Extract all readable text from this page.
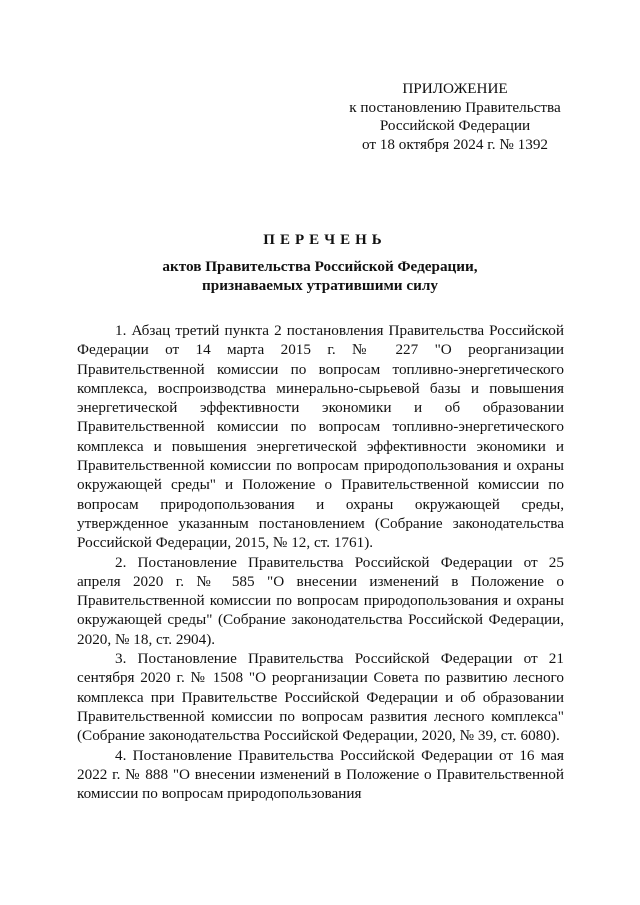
ПРИЛОЖЕНИЕ
к постановлению Правительства
Российской Федерации
от 18 октября 2024 г. № 1392
ПЕРЕЧЕНЬ
актов Правительства Российской Федерации,
признаваемых утратившими силу

1. Абзац третий пункта 2 постановления Правительства Российской Федерации от 14 марта 2015 г. № 227 "О реорганизации Правительственной комиссии по вопросам топливно-энергетического комплекса, воспроизводства минерально-сырьевой базы и повышения энергетической эффективности экономики и об образовании Правительственной комиссии по вопросам топливно-энергетического комплекса и повышения энергетической эффективности экономики и Правительственной комиссии по вопросам природопользования и охраны окружающей среды" и Положение о Правительственной комиссии по вопросам природопользования и охраны окружающей среды, утвержденное указанным постановлением (Собрание законодательства Российской Федерации, 2015, № 12, ст. 1761).

2. Постановление Правительства Российской Федерации от 25 апреля 2020 г. № 585 "О внесении изменений в Положение о Правительственной комиссии по вопросам природопользования и охраны окружающей среды" (Собрание законодательства Российской Федерации, 2020, № 18, ст. 2904).

3. Постановление Правительства Российской Федерации от 21 сентября 2020 г. № 1508 "О реорганизации Совета по развитию лесного комплекса при Правительстве Российской Федерации и об образовании Правительственной комиссии по вопросам развития лесного комплекса" (Собрание законодательства Российской Федерации, 2020, № 39, ст. 6080).

4. Постановление Правительства Российской Федерации от 16 мая 2022 г. № 888 "О внесении изменений в Положение о Правительственной комиссии по вопросам природопользования
